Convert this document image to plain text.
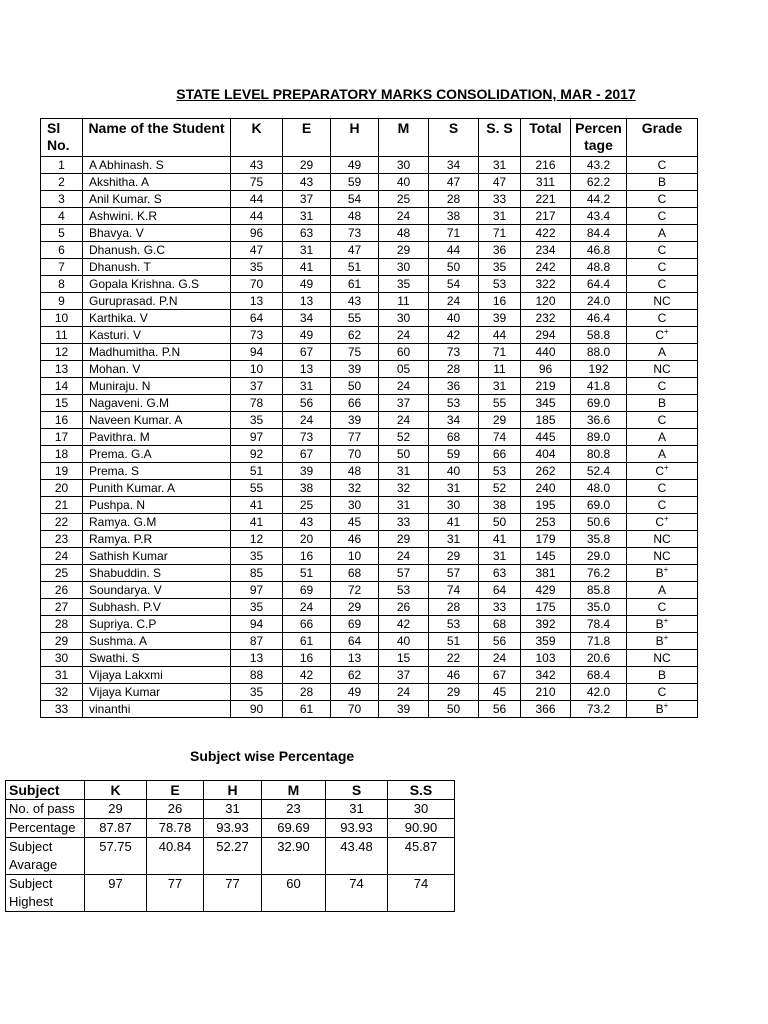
STATE LEVEL PREPARATORY MARKS CONSOLIDATION, MAR - 2017
Sl No.	Name of the Student	K	E	H	M	S	S. S	Total	Percen tage	Grade
1	A Abhinash. S	43	29	49	30	34	31	216	43.2	C
2	Akshitha. A	75	43	59	40	47	47	311	62.2	B
3	Anil Kumar. S	44	37	54	25	28	33	221	44.2	C
4	Ashwini. K.R	44	31	48	24	38	31	217	43.4	C
5	Bhavya. V	96	63	73	48	71	71	422	84.4	A
6	Dhanush. G.C	47	31	47	29	44	36	234	46.8	C
7	Dhanush. T	35	41	51	30	50	35	242	48.8	C
8	Gopala Krishna. G.S	70	49	61	35	54	53	322	64.4	C
9	Guruprasad. P.N	13	13	43	11	24	16	120	24.0	NC
10	Karthika. V	64	34	55	30	40	39	232	46.4	C
11	Kasturi. V	73	49	62	24	42	44	294	58.8	C+
12	Madhumitha. P.N	94	67	75	60	73	71	440	88.0	A
13	Mohan. V	10	13	39	05	28	11	96	192	NC
14	Muniraju. N	37	31	50	24	36	31	219	41.8	C
15	Nagaveni. G.M	78	56	66	37	53	55	345	69.0	B
16	Naveen Kumar. A	35	24	39	24	34	29	185	36.6	C
17	Pavithra. M	97	73	77	52	68	74	445	89.0	A
18	Prema. G.A	92	67	70	50	59	66	404	80.8	A
19	Prema. S	51	39	48	31	40	53	262	52.4	C+
20	Punith Kumar. A	55	38	32	32	31	52	240	48.0	C
21	Pushpa. N	41	25	30	31	30	38	195	69.0	C
22	Ramya. G.M	41	43	45	33	41	50	253	50.6	C+
23	Ramya. P.R	12	20	46	29	31	41	179	35.8	NC
24	Sathish Kumar	35	16	10	24	29	31	145	29.0	NC
25	Shabuddin. S	85	51	68	57	57	63	381	76.2	B+
26	Soundarya. V	97	69	72	53	74	64	429	85.8	A
27	Subhash. P.V	35	24	29	26	28	33	175	35.0	C
28	Supriya. C.P	94	66	69	42	53	68	392	78.4	B+
29	Sushma. A	87	61	64	40	51	56	359	71.8	B+
30	Swathi. S	13	16	13	15	22	24	103	20.6	NC
31	Vijaya Lakxmi	88	42	62	37	46	67	342	68.4	B
32	Vijaya Kumar	35	28	49	24	29	45	210	42.0	C
33	vinanthi	90	61	70	39	50	56	366	73.2	B+
Subject wise Percentage
Subject	K	E	H	M	S	S.S
No. of pass	29	26	31	23	31	30
Percentage	87.87	78.78	93.93	69.69	93.93	90.90
Subject Avarage	57.75	40.84	52.27	32.90	43.48	45.87
Subject Highest	97	77	77	60	74	74
